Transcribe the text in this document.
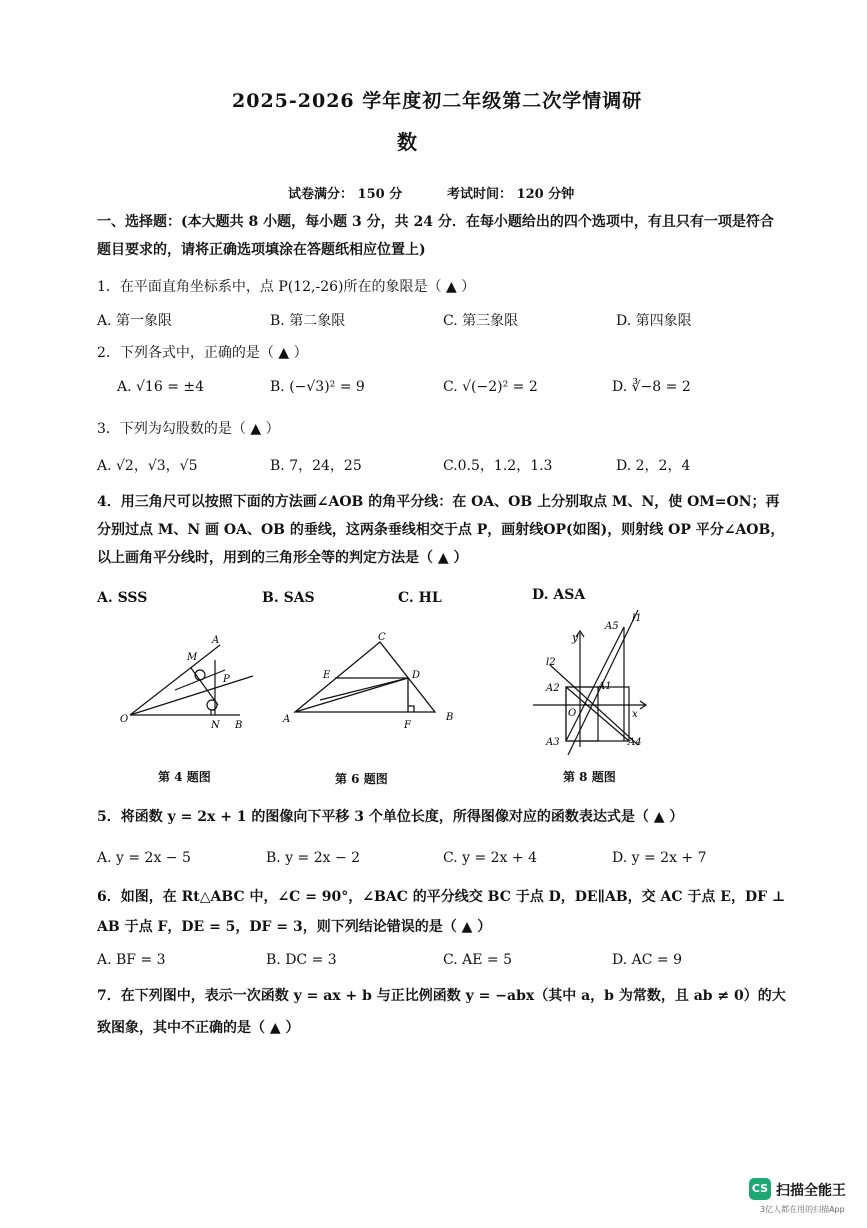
2025-2026 学年度初二年级第二次学情调研
数
试卷满分： 150 分	考试时间： 120 分钟
一、选择题：(本大题共 8 小题，每小题 3 分，共 24 分．在每小题给出的四个选项中，有且只有一项是符合题目要求的，请将正确选项填涂在答题纸相应位置上)
1．在平面直角坐标系中，点 P(12,-26)所在的象限是（ ▲ ）
A. 第一象限	B. 第二象限	C. 第三象限	D. 第四象限
2．下列各式中，正确的是（ ▲ ）
A. √16 = ±4	B. (−√3)² = 9	C. √(−2)² = 2	D. ∛−8 = 2
3．下列为勾股数的是（ ▲ ）
A. √2，√3，√5	B. 7，24，25	C.0.5，1.2，1.3	D. 2，2，4
4．用三角尺可以按照下面的方法画∠AOB 的角平分线：在 OA、OB 上分别取点 M、N，使 OM=ON；再分别过点 M、N 画 OA、OB 的垂线，这两条垂线相交于点 P，画射线OP(如图)，则射线 OP 平分∠AOB，以上画角平分线时，用到的三角形全等的判定方法是（ ▲ ）
A. SSS	B. SAS	C. HL	D. ASA
A
M
P
O
N B
第 4 题图
C
E	D
A
F
B
第 6 题图
l1
A5
y
l2
A2	A1
O	x
A3	A4
第 8 题图
5．将函数 y = 2x + 1 的图像向下平移 3 个单位长度，所得图像对应的函数表达式是（ ▲ ）
A. y = 2x − 5	B. y = 2x − 2	C. y = 2x + 4	D. y = 2x + 7
6．如图，在 Rt△ABC 中，∠C = 90°，∠BAC 的平分线交 BC 于点 D，DE∥AB，交 AC 于点 E，DF ⊥ AB 于点 F，DE = 5，DF = 3，则下列结论错误的是（ ▲ ）
A. BF = 3	B. DC = 3	C. AE = 5	D. AC = 9
7．在下列图中，表示一次函数 y = ax + b 与正比例函数 y = −abx（其中 a，b 为常数，且 ab ≠ 0）的大致图象，其中不正确的是（ ▲ ）
CS 扫描全能王
3亿人都在用的扫描App
